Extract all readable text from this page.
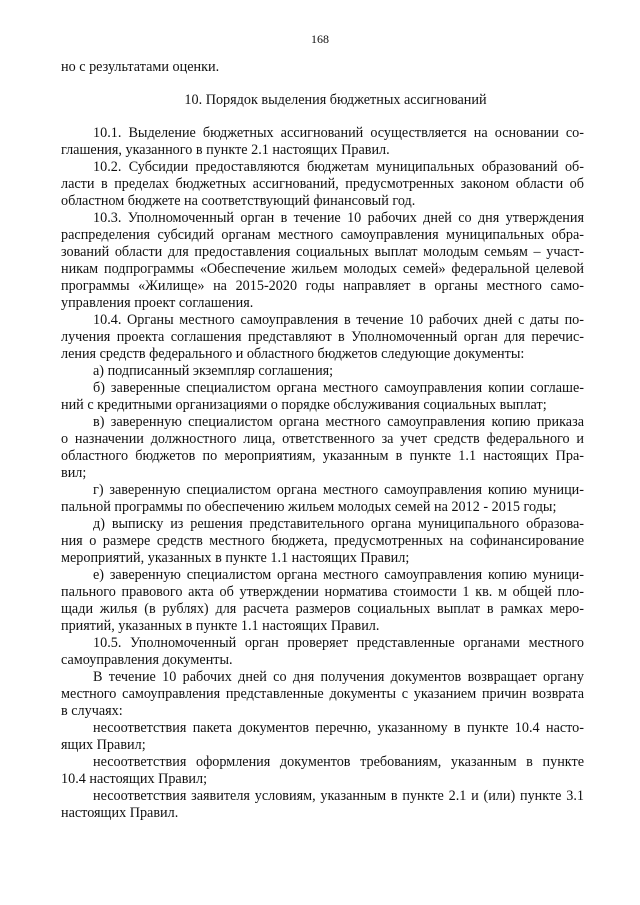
168
но с результатами оценки.
10. Порядок выделения бюджетных ассигнований
10.1. Выделение бюджетных ассигнований осуществляется на основании со-
глашения, указанного в пункте 2.1 настоящих Правил.
10.2. Субсидии предоставляются бюджетам муниципальных образований об-
ласти в пределах бюджетных ассигнований, предусмотренных законом области об
областном бюджете на соответствующий финансовый год.
10.3. Уполномоченный орган в течение 10 рабочих дней со дня утверждения
распределения субсидий органам местного самоуправления муниципальных обра-
зований области для предоставления социальных выплат молодым семьям – участ-
никам подпрограммы «Обеспечение жильем молодых семей» федеральной целевой
программы «Жилище» на 2015-2020 годы направляет в органы местного само-
управления проект соглашения.
10.4. Органы местного самоуправления в течение 10 рабочих дней с даты по-
лучения проекта соглашения представляют в Уполномоченный орган для перечис-
ления средств федерального и областного бюджетов следующие документы:
а) подписанный экземпляр соглашения;
б) заверенные специалистом органа местного самоуправления копии соглаше-
ний с кредитными организациями о порядке обслуживания социальных выплат;
в) заверенную специалистом органа местного самоуправления копию приказа
о назначении должностного лица, ответственного за учет средств федерального и
областного бюджетов по мероприятиям, указанным в пункте 1.1 настоящих Пра-
вил;
г) заверенную специалистом органа местного самоуправления копию муници-
пальной программы по обеспечению жильем молодых семей на 2012 - 2015 годы;
д) выписку из решения представительного органа муниципального образова-
ния о размере средств местного бюджета, предусмотренных на софинансирование
мероприятий, указанных в пункте 1.1 настоящих Правил;
е) заверенную специалистом органа местного самоуправления копию муници-
пального правового акта об утверждении норматива стоимости 1 кв. м общей пло-
щади жилья (в рублях) для расчета размеров социальных выплат в рамках меро-
приятий, указанных в пункте 1.1 настоящих Правил.
10.5. Уполномоченный орган проверяет представленные органами местного
самоуправления документы.
В течение 10 рабочих дней со дня получения документов возвращает органу
местного самоуправления представленные документы с указанием причин возврата
в случаях:
несоответствия пакета документов перечню, указанному в пункте 10.4 насто-
ящих Правил;
несоответствия оформления документов требованиям, указанным в пункте
10.4 настоящих Правил;
несоответствия заявителя условиям, указанным в пункте 2.1 и (или) пункте 3.1
настоящих Правил.
